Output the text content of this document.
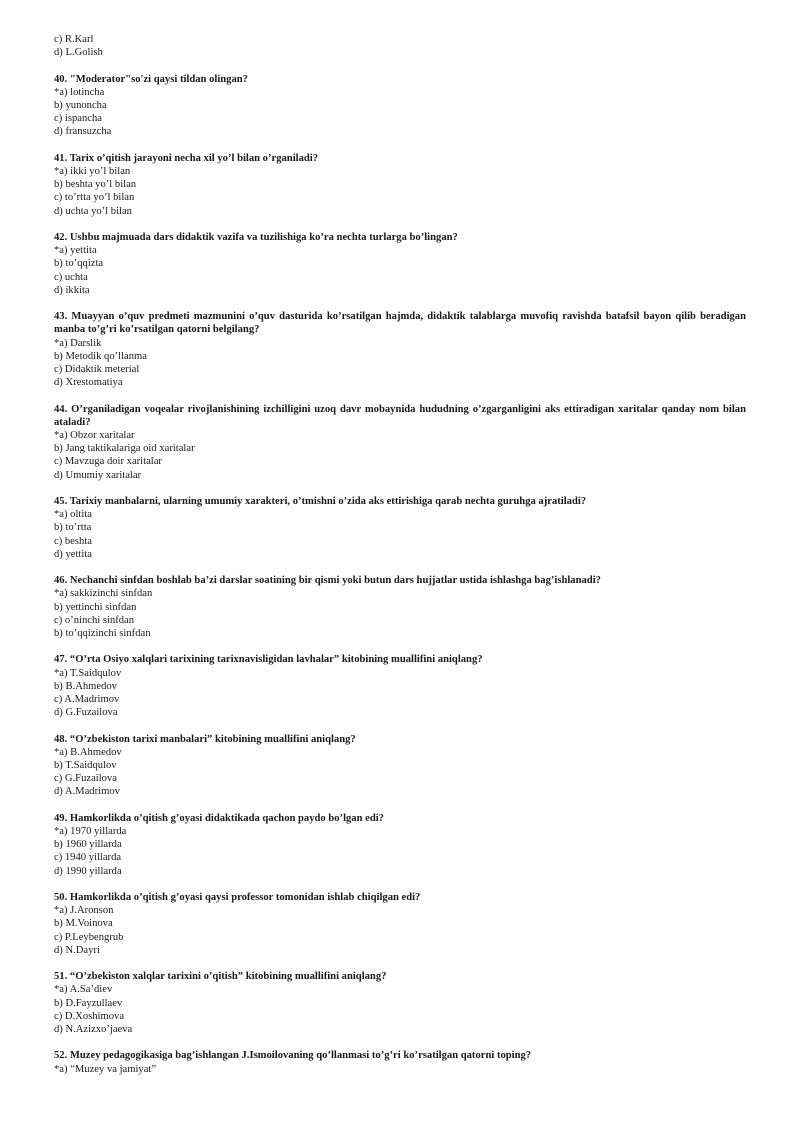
c) R.Karl
d) L.Golish
40. "Moderator"so'zi qaysi tildan olingan?
*a) lotincha
b) yunoncha
c) ispancha
d) fransuzcha
41. Tarix o’qitish jarayoni necha xil yo’l bilan o’rganiladi?
*a) ikki yo’l bilan
b) beshta yo’l bilan
c) to’rtta yo’l bilan
d) uchta yo’l bilan
42. Ushbu majmuada dars didaktik vazifa va tuzilishiga ko’ra nechta turlarga bo’lingan?
*a) yettita
b) to’qqizta
c) uchta
d) ikkita
43. Muayyan o’quv predmeti mazmunini o’quv dasturida ko’rsatilgan hajmda, didaktik talablarga muvofiq ravishda batafsil bayon qilib beradigan manba to’g’ri ko’rsatilgan qatorni belgilang?
*a) Darslik
b) Metodik qo’llanma
c) Didaktik meterial
d) Xrestomatiya
44. O’rganiladigan voqealar rivojlanishining izchilligini uzoq davr mobaynida hududning o’zgarganligini aks ettiradigan xaritalar qanday nom bilan ataladi?
*a) Obzor xaritalar
b) Jang taktikalariga oid xaritalar
c) Mavzuga doir xaritalar
d) Umumiy xaritalar
45. Tarixiy manbalarni, ularning umumiy xarakteri, o’tmishni o’zida aks ettirishiga qarab nechta guruhga ajratiladi?
*a) oltita
b) to’rtta
c) beshta
d) yettita
46. Nechanchi sinfdan boshlab ba’zi darslar soatining bir qismi yoki butun dars hujjatlar ustida ishlashga bag’ishlanadi?
*a) sakkizinchi sinfdan
b) yettinchi sinfdan
c) o’ninchi sinfdan
b) to’qqizinchi sinfdan
47. “O’rta Osiyo xalqlari tarixining tarixnavisligidan lavhalar” kitobining muallifini aniqlang?
*a) T.Saidqulov
b) B.Ahmedov
c) A.Madrimov
d) G.Fuzailova
48. “O’zbekiston tarixi manbalari” kitobining muallifini aniqlang?
*a) B.Ahmedov
b) T.Saidqulov
c) G.Fuzailova
d) A.Madrimov
49. Hamkorlikda o’qitish g’oyasi didaktikada qachon paydo bo’lgan edi?
*a) 1970 yillarda
b) 1960 yillarda
c) 1940 yillarda
d) 1990 yillarda
50. Hamkorlikda o’qitish g’oyasi qaysi professor tomonidan ishlab chiqilgan edi?
*a) J.Aronson
b) M.Voinova
c) P.Leybengrub
d) N.Dayri
51. “O’zbekiston xalqlar tarixini o’qitish” kitobining muallifini aniqlang?
*a) A.Sa’diev
b) D.Fayzullaev
c) D.Xoshimova
d) N.Azizxo’jaeva
52. Muzey pedagogikasiga bag’ishlangan J.Ismoilovaning qo’llanmasi to’g’ri ko’rsatilgan qatorni toping?
*a) “Muzey va jamiyat”
